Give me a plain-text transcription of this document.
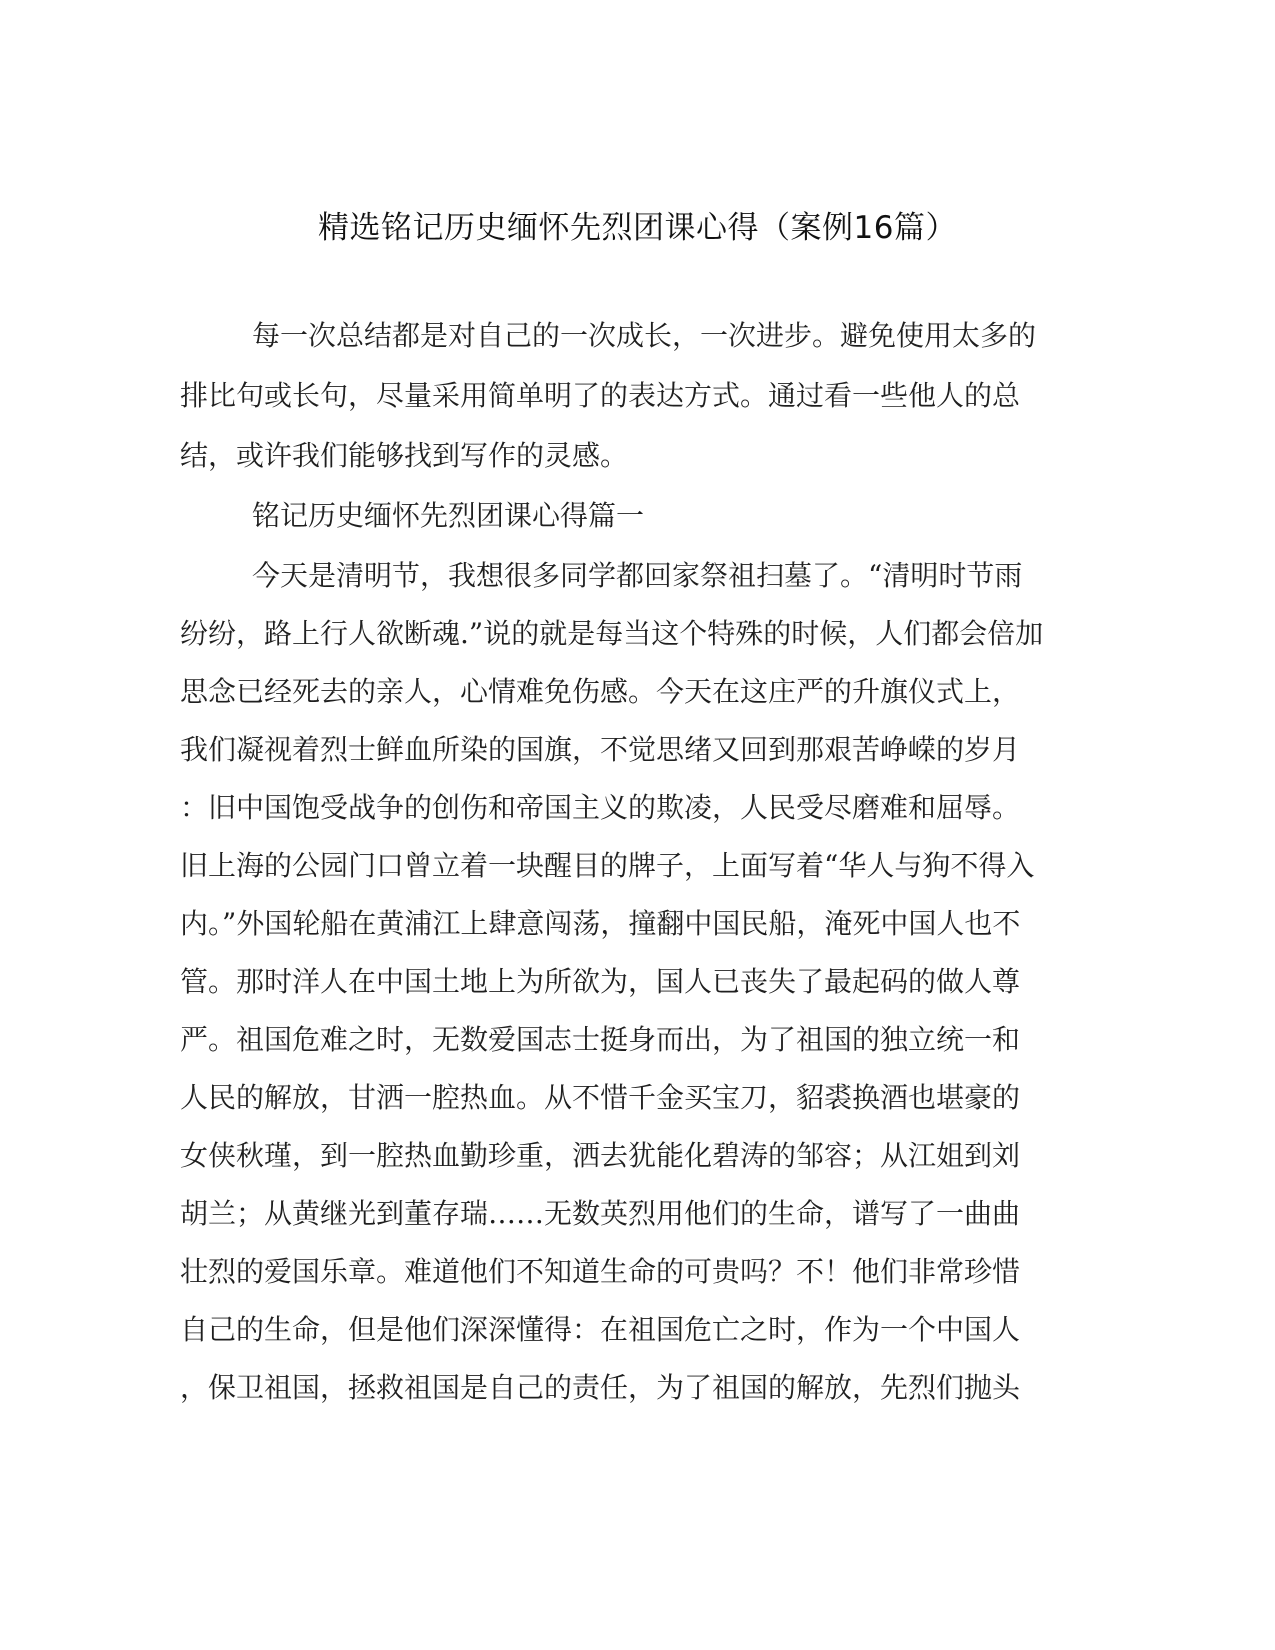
精选铭记历史缅怀先烈团课心得（案例16篇）
每一次总结都是对自己的一次成长，一次进步。避免使用太多的
排比句或长句，尽量采用简单明了的表达方式。通过看一些他人的总
结，或许我们能够找到写作的灵感。
铭记历史缅怀先烈团课心得篇一
今天是清明节，我想很多同学都回家祭祖扫墓了。“清明时节雨
纷纷，路上行人欲断魂.”说的就是每当这个特殊的时候，人们都会倍加
思念已经死去的亲人，心情难免伤感。今天在这庄严的升旗仪式上，
我们凝视着烈士鲜血所染的国旗，不觉思绪又回到那艰苦峥嵘的岁月
：旧中国饱受战争的创伤和帝国主义的欺凌，人民受尽磨难和屈辱。
旧上海的公园门口曾立着一块醒目的牌子，上面写着“华人与狗不得入
内。”外国轮船在黄浦江上肆意闯荡，撞翻中国民船，淹死中国人也不
管。那时洋人在中国土地上为所欲为，国人已丧失了最起码的做人尊
严。祖国危难之时，无数爱国志士挺身而出，为了祖国的独立统一和
人民的解放，甘洒一腔热血。从不惜千金买宝刀，貂裘换酒也堪豪的
女侠秋瑾，到一腔热血勤珍重，洒去犹能化碧涛的邹容；从江姐到刘
胡兰；从黄继光到董存瑞……无数英烈用他们的生命，谱写了一曲曲
壮烈的爱国乐章。难道他们不知道生命的可贵吗？不！他们非常珍惜
自己的生命，但是他们深深懂得：在祖国危亡之时，作为一个中国人
，保卫祖国，拯救祖国是自己的责任，为了祖国的解放，先烈们抛头
